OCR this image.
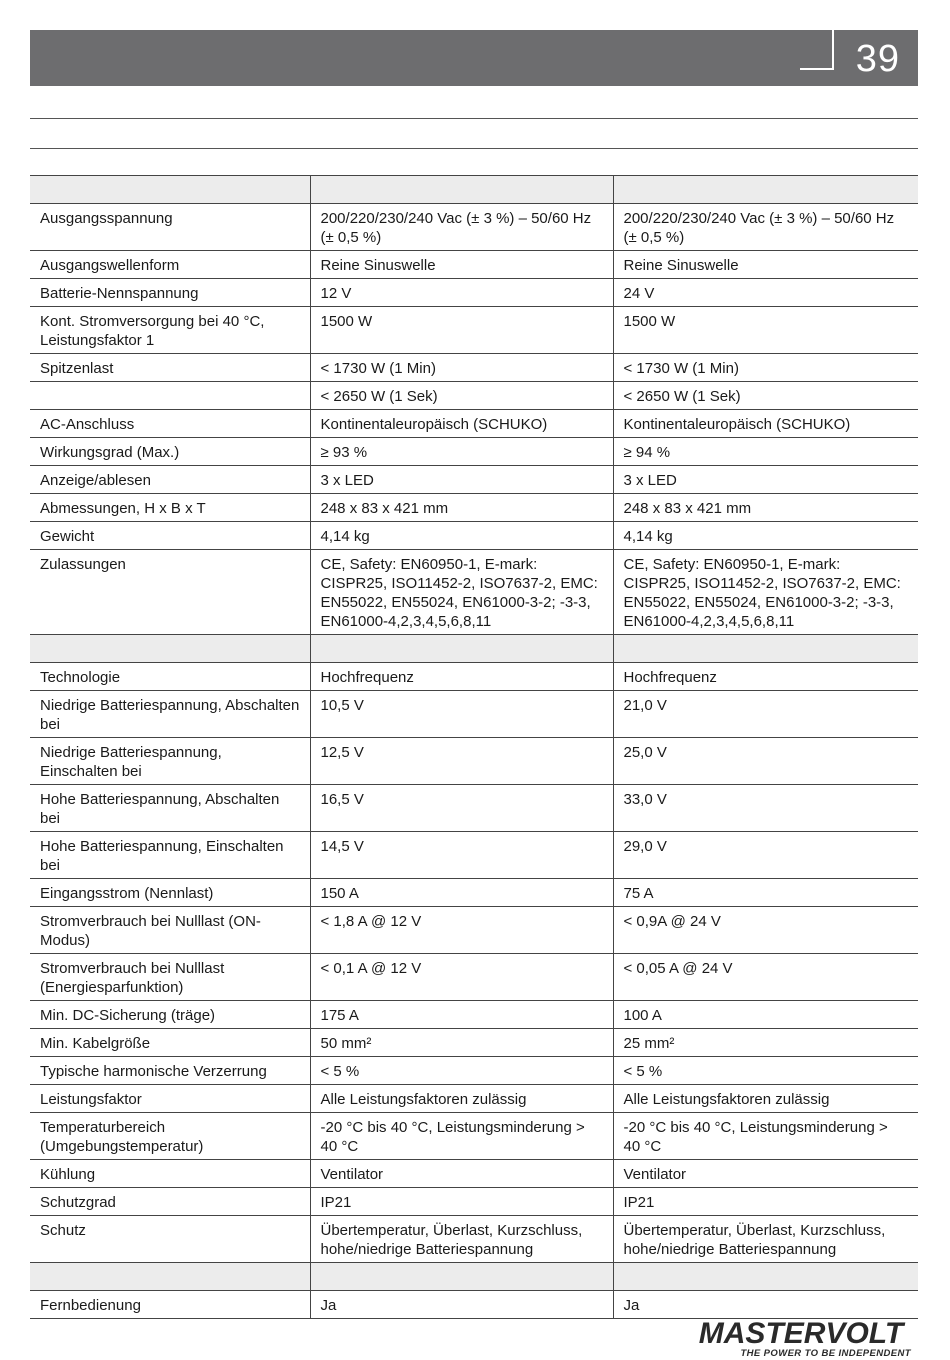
39

Ausgangsspannung	200/220/230/240 Vac (± 3 %) – 50/60 Hz (± 0,5 %)	200/220/230/240 Vac (± 3 %) – 50/60 Hz (± 0,5 %)
Ausgangswellenform	Reine Sinuswelle	Reine Sinuswelle
Batterie-Nennspannung	12 V	24 V
Kont. Stromversorgung bei 40 °C, Leistungsfaktor 1	1500 W	1500 W
Spitzenlast	< 1730 W (1 Min)	< 1730 W (1 Min)
	< 2650 W (1 Sek)	< 2650 W (1 Sek)
AC-Anschluss	Kontinentaleuropäisch (SCHUKO)	Kontinentaleuropäisch (SCHUKO)
Wirkungsgrad (Max.)	≥ 93 %	≥ 94 %
Anzeige/ablesen	3 x LED	3 x LED
Abmessungen, H x B x T	248 x 83 x 421 mm	248 x 83 x 421 mm
Gewicht	4,14 kg	4,14 kg
Zulassungen	CE, Safety: EN60950-1, E-mark: CISPR25, ISO11452-2, ISO7637-2, EMC: EN55022, EN55024, EN61000-3-2; -3-3, EN61000-4,2,3,4,5,6,8,11	CE, Safety: EN60950-1, E-mark: CISPR25, ISO11452-2, ISO7637-2, EMC: EN55022, EN55024, EN61000-3-2; -3-3, EN61000-4,2,3,4,5,6,8,11

Technologie	Hochfrequenz	Hochfrequenz
Niedrige Batteriespannung, Abschalten bei	10,5 V	21,0 V
Niedrige Batteriespannung, Einschalten bei	12,5 V	25,0 V
Hohe Batteriespannung, Abschalten bei	16,5 V	33,0 V
Hohe Batteriespannung, Einschalten bei	14,5 V	29,0 V
Eingangsstrom (Nennlast)	150 A	75 A
Stromverbrauch bei Nulllast (ON-Modus)	< 1,8 A @ 12 V	< 0,9A @ 24 V
Stromverbrauch bei Nulllast (Energiesparfunktion)	< 0,1 A @ 12 V	< 0,05 A @ 24 V
Min. DC-Sicherung (träge)	175 A	100 A
Min. Kabelgröße	50 mm²	25 mm²
Typische harmonische Verzerrung	< 5 %	< 5 %
Leistungsfaktor	Alle Leistungsfaktoren zulässig	Alle Leistungsfaktoren zulässig
Temperaturbereich (Umgebungstemperatur)	-20 °C bis 40 °C, Leistungsminderung > 40 °C	-20 °C bis 40 °C, Leistungsminderung > 40 °C
Kühlung	Ventilator	Ventilator
Schutzgrad	IP21	IP21
Schutz	Übertemperatur, Überlast, Kurzschluss, hohe/niedrige Batteriespannung	Übertemperatur, Überlast, Kurzschluss, hohe/niedrige Batteriespannung

Fernbedienung	Ja	Ja
MASTERVOLT
THE POWER TO BE INDEPENDENT
